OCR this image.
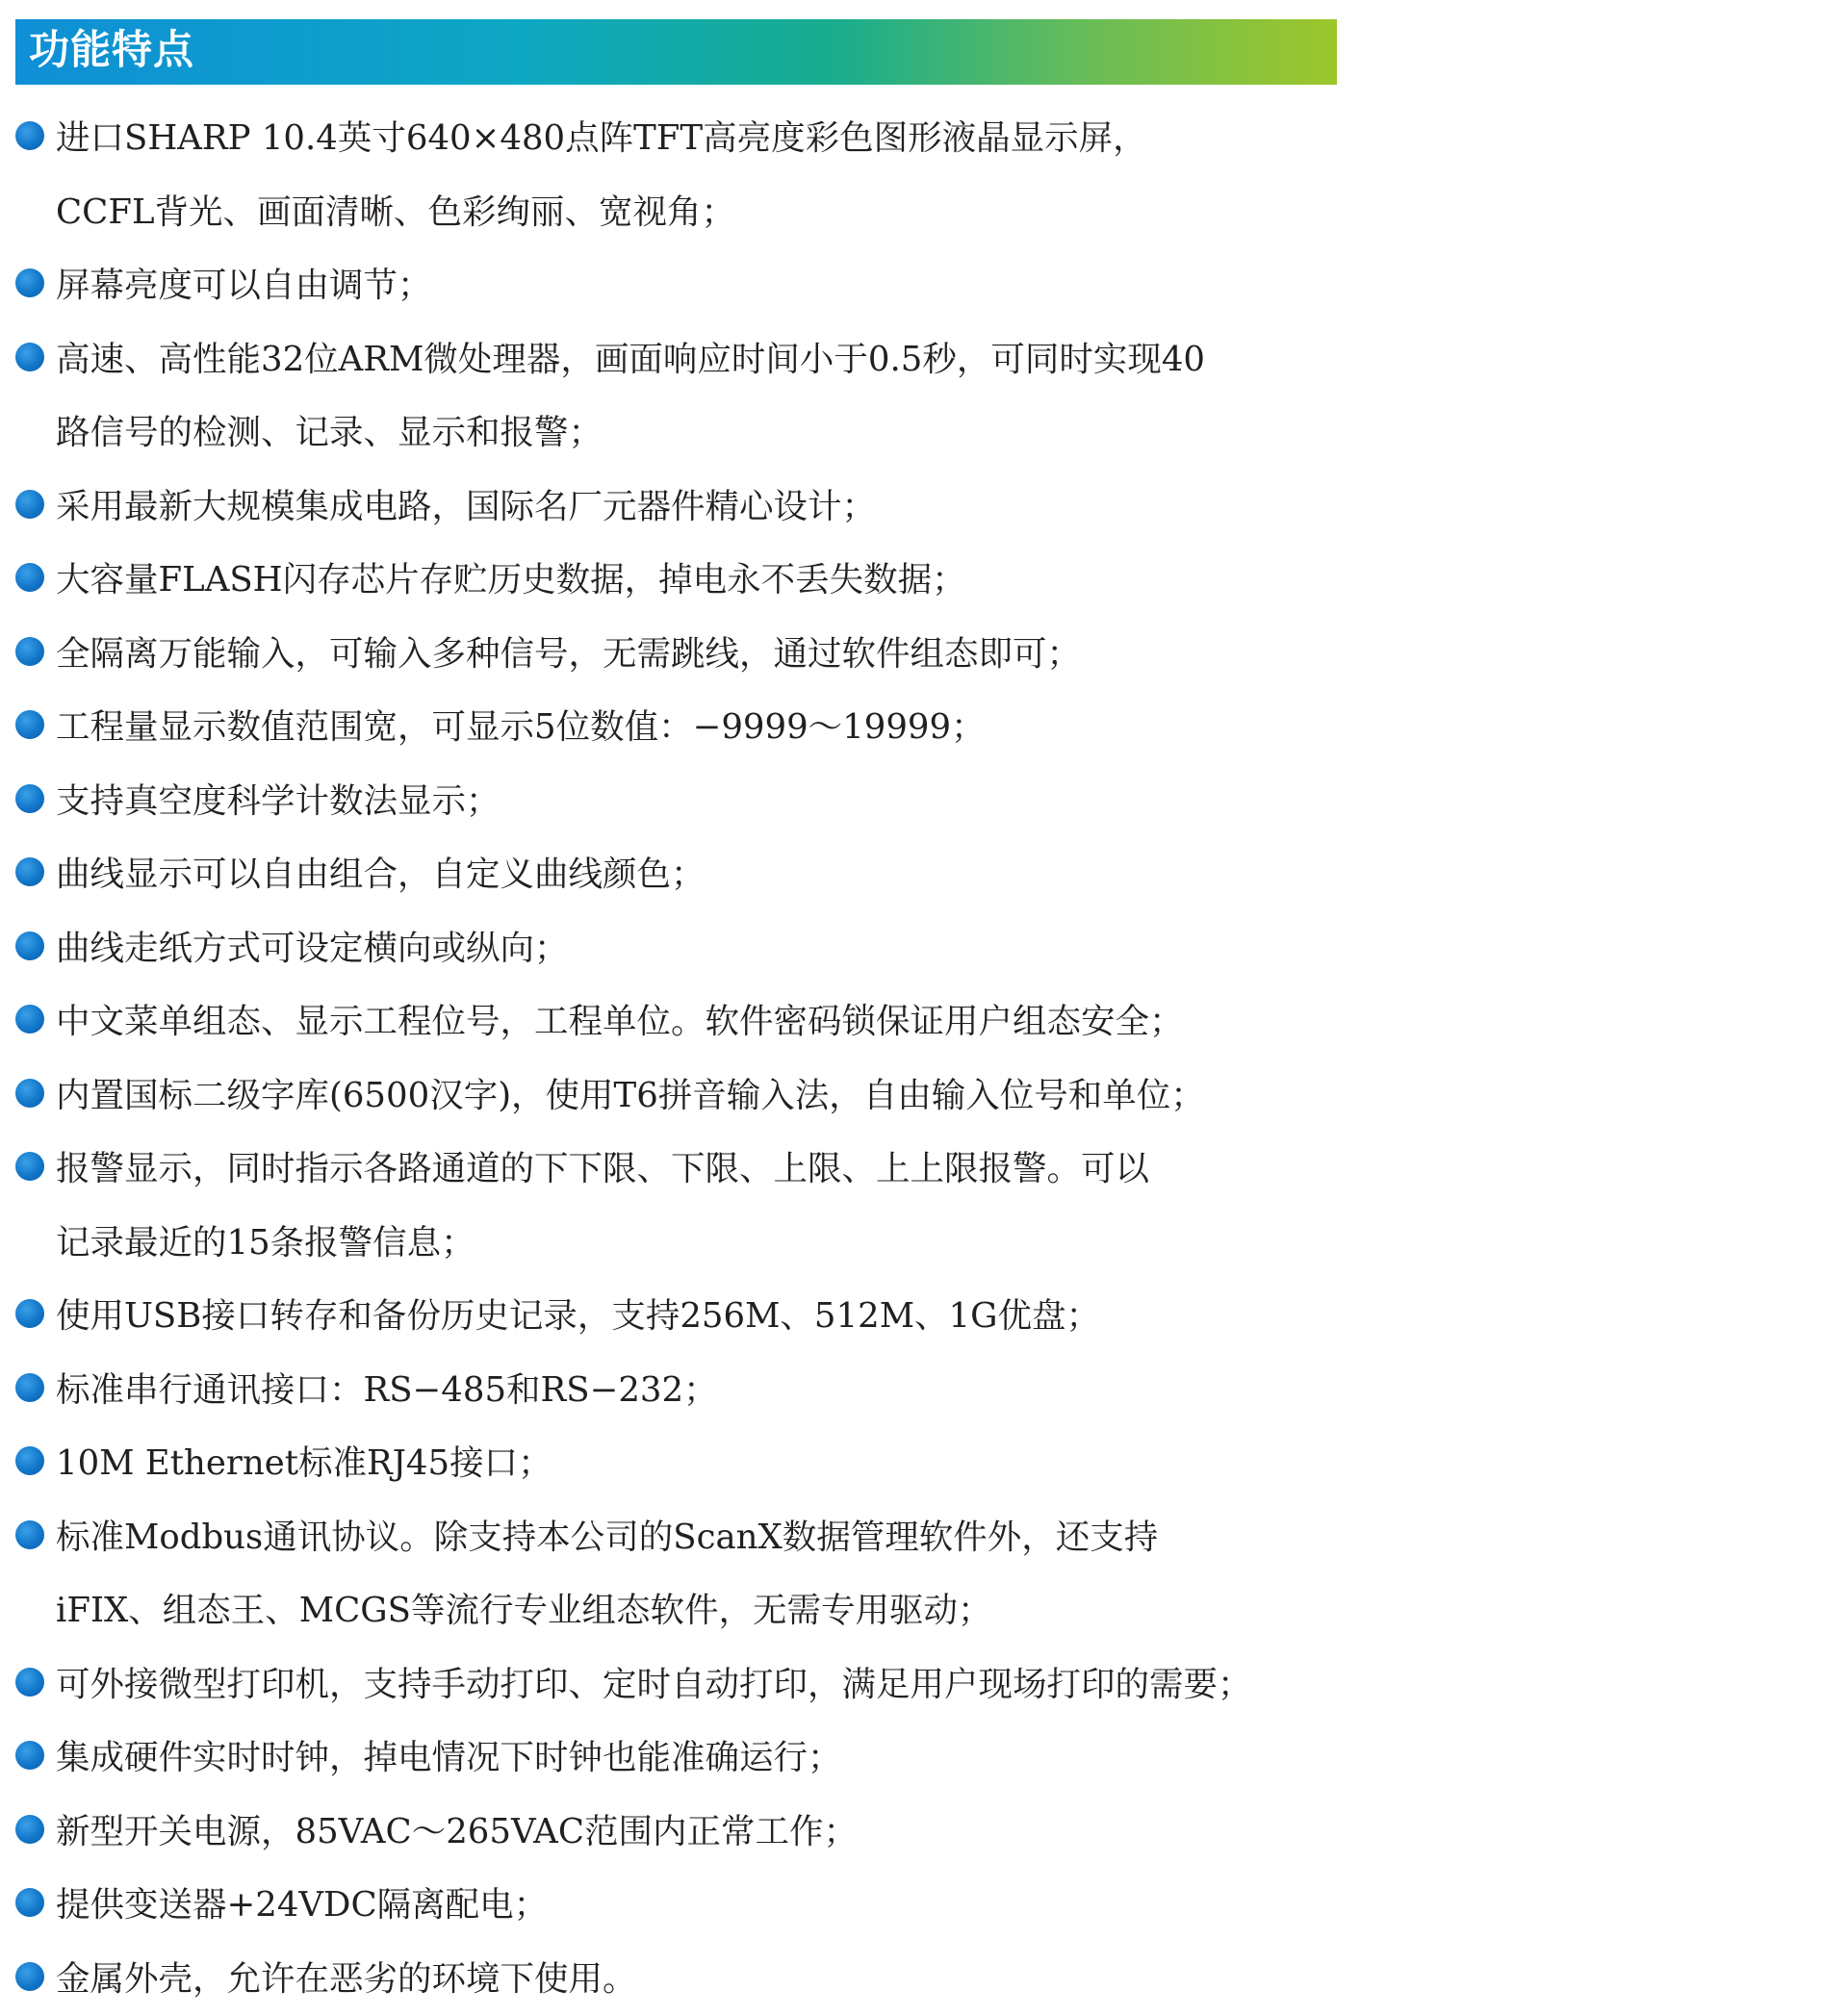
功能特点
进口SHARP 10.4英寸640×480点阵TFT高亮度彩色图形液晶显示屏，
CCFL背光、画面清晰、色彩绚丽、宽视角；
屏幕亮度可以自由调节；
高速、高性能32位ARM微处理器，画面响应时间小于0.5秒，可同时实现40
路信号的检测、记录、显示和报警；
采用最新大规模集成电路，国际名厂元器件精心设计；
大容量FLASH闪存芯片存贮历史数据，掉电永不丢失数据；
全隔离万能输入，可输入多种信号，无需跳线，通过软件组态即可；
工程量显示数值范围宽，可显示5位数值：−9999～19999；
支持真空度科学计数法显示；
曲线显示可以自由组合，自定义曲线颜色；
曲线走纸方式可设定横向或纵向；
中文菜单组态、显示工程位号，工程单位。软件密码锁保证用户组态安全；
内置国标二级字库(6500汉字)，使用T6拼音输入法，自由输入位号和单位；
报警显示，同时指示各路通道的下下限、下限、上限、上上限报警。可以
记录最近的15条报警信息；
使用USB接口转存和备份历史记录，支持256M、512M、1G优盘；
标准串行通讯接口：RS−485和RS−232；
10M Ethernet标准RJ45接口；
标准Modbus通讯协议。除支持本公司的ScanX数据管理软件外，还支持
iFIX、组态王、MCGS等流行专业组态软件，无需专用驱动；
可外接微型打印机，支持手动打印、定时自动打印，满足用户现场打印的需要；
集成硬件实时时钟，掉电情况下时钟也能准确运行；
新型开关电源，85VAC～265VAC范围内正常工作；
提供变送器+24VDC隔离配电；
金属外壳，允许在恶劣的环境下使用。
